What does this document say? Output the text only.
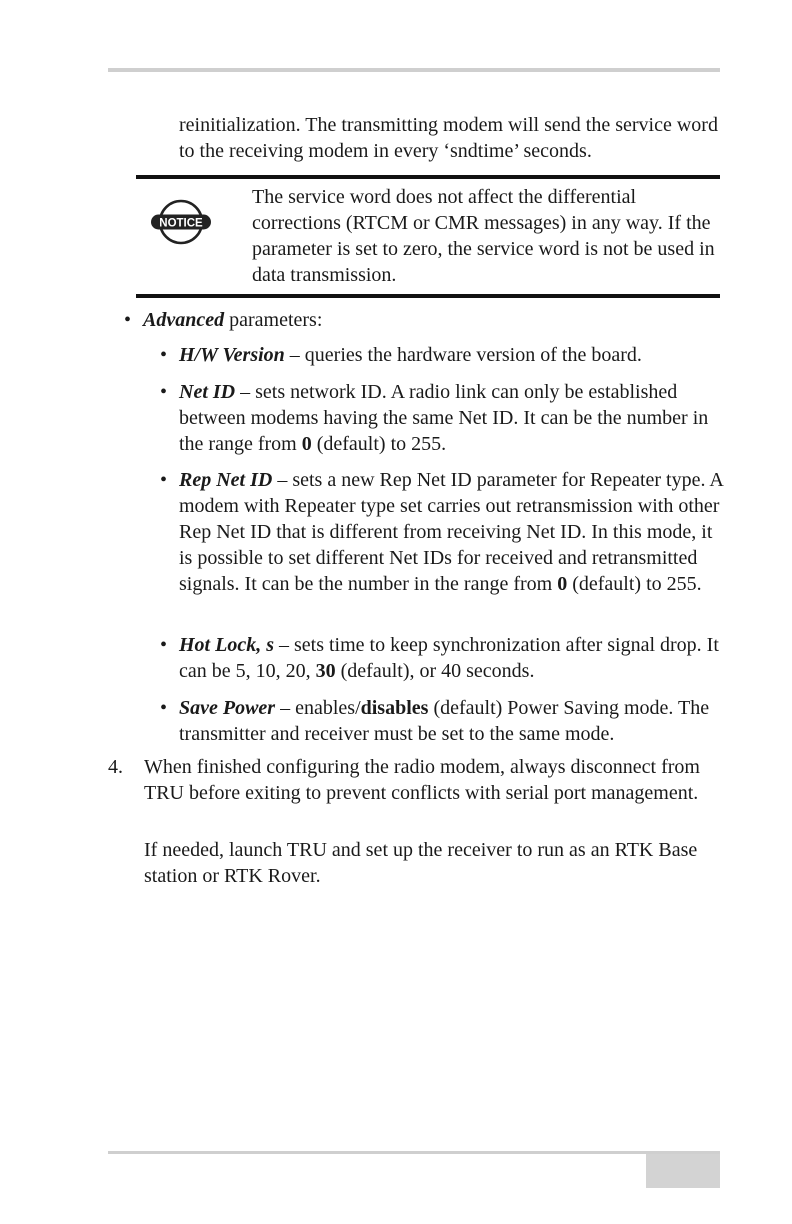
reinitialization. The transmitting modem will send the service word to the receiving modem in every ‘sndtime’ seconds.

NOTICE
The service word does not affect the differential corrections (RTCM or CMR messages) in any way. If the parameter is set to zero, the service word is not be used in data transmission.
• Advanced parameters:
• H/W Version – queries the hardware version of the board.
• Net ID – sets network ID. A radio link can only be established between modems having the same Net ID. It can be the number in the range from 0 (default) to 255.
• Rep Net ID – sets a new Rep Net ID parameter for Repeater type. A modem with Repeater type set carries out retransmission with other Rep Net ID that is different from receiving Net ID. In this mode, it is possible to set different Net IDs for received and retransmitted signals. It can be the number in the range from 0 (default) to 255.
• Hot Lock, s – sets time to keep synchronization after signal drop. It can be 5, 10, 20, 30 (default), or 40 seconds.
• Save Power – enables/disables (default) Power Saving mode. The transmitter and receiver must be set to the same mode.
4. When finished configuring the radio modem, always disconnect from TRU before exiting to prevent conflicts with serial port management.

If needed, launch TRU and set up the receiver to run as an RTK Base station or RTK Rover.
